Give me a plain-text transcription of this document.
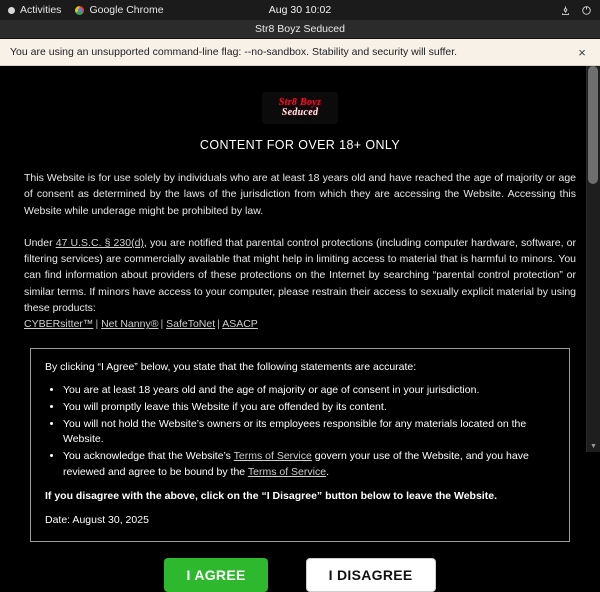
Activities	Google Chrome	Aug 30 10:02
Str8 Boyz Seduced
You are using an unsupported command-line flag: --no-sandbox. Stability and security will suffer.	×
Str8 Boyz
Seduced
CONTENT FOR OVER 18+ ONLY

This Website is for use solely by individuals who are at least 18 years old and have reached the age of majority or age of consent as determined by the laws of the jurisdiction from which they are accessing the Website. Accessing this Website while underage might be prohibited by law.

Under 47 U.S.C. § 230(d), you are notified that parental control protections (including computer hardware, software, or filtering services) are commercially available that might help in limiting access to material that is harmful to minors. You can find information about providers of these protections on the Internet by searching “parental control protection” or similar terms. If minors have access to your computer, please restrain their access to sexually explicit material by using these products:
CYBERsitter™ | Net Nanny® | SafeToNet | ASACP

By clicking “I Agree” below, you state that the following statements are accurate:

• You are at least 18 years old and the age of majority or age of consent in your jurisdiction.
• You will promptly leave this Website if you are offended by its content.
• You will not hold the Website’s owners or its employees responsible for any materials located on the Website.
• You acknowledge that the Website’s Terms of Service govern your use of the Website, and you have reviewed and agree to be bound by the Terms of Service.

If you disagree with the above, click on the “I Disagree” button below to leave the Website.

Date: August 30, 2025

I AGREE	I DISAGREE
▼
